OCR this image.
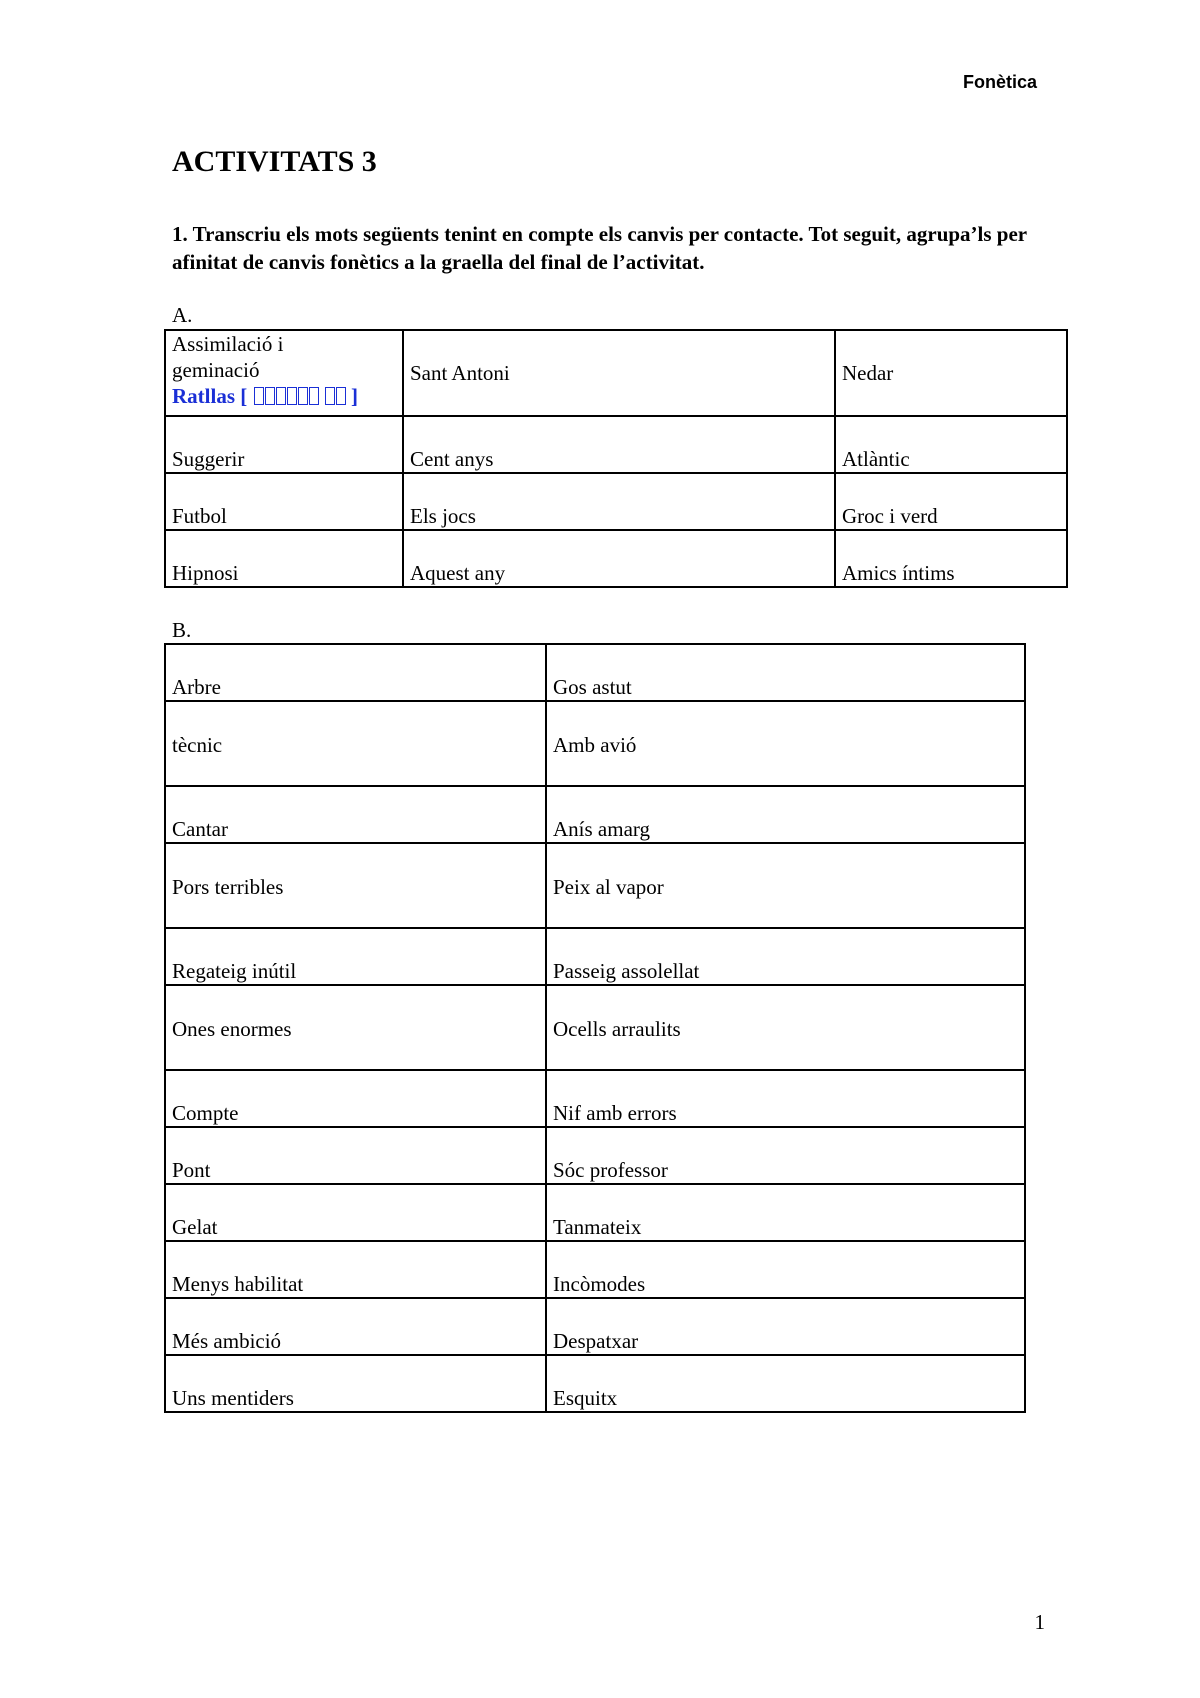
Fonètica
ACTIVITATS 3
1. Transcriu els mots següents tenint en compte els canvis per contacte. Tot seguit, agrupa’ls per afinitat de canvis fonètics a la graella del final de l’activitat.
A.
Assimilació i
geminació
Ratllas [ ]	Sant Antoni	Nedar
Suggerir	Cent anys	Atlàntic
Futbol	Els jocs	Groc i verd
Hipnosi	Aquest any	Amics íntims
B.
Arbre	Gos astut
tècnic	Amb avió
Cantar	Anís amarg
Pors terribles	Peix al vapor
Regateig inútil	Passeig assolellat
Ones enormes	Ocells arraulits
Compte	Nif amb errors
Pont	Sóc professor
Gelat	Tanmateix
Menys habilitat	Incòmodes
Més ambició	Despatxar
Uns mentiders	Esquitx
1
